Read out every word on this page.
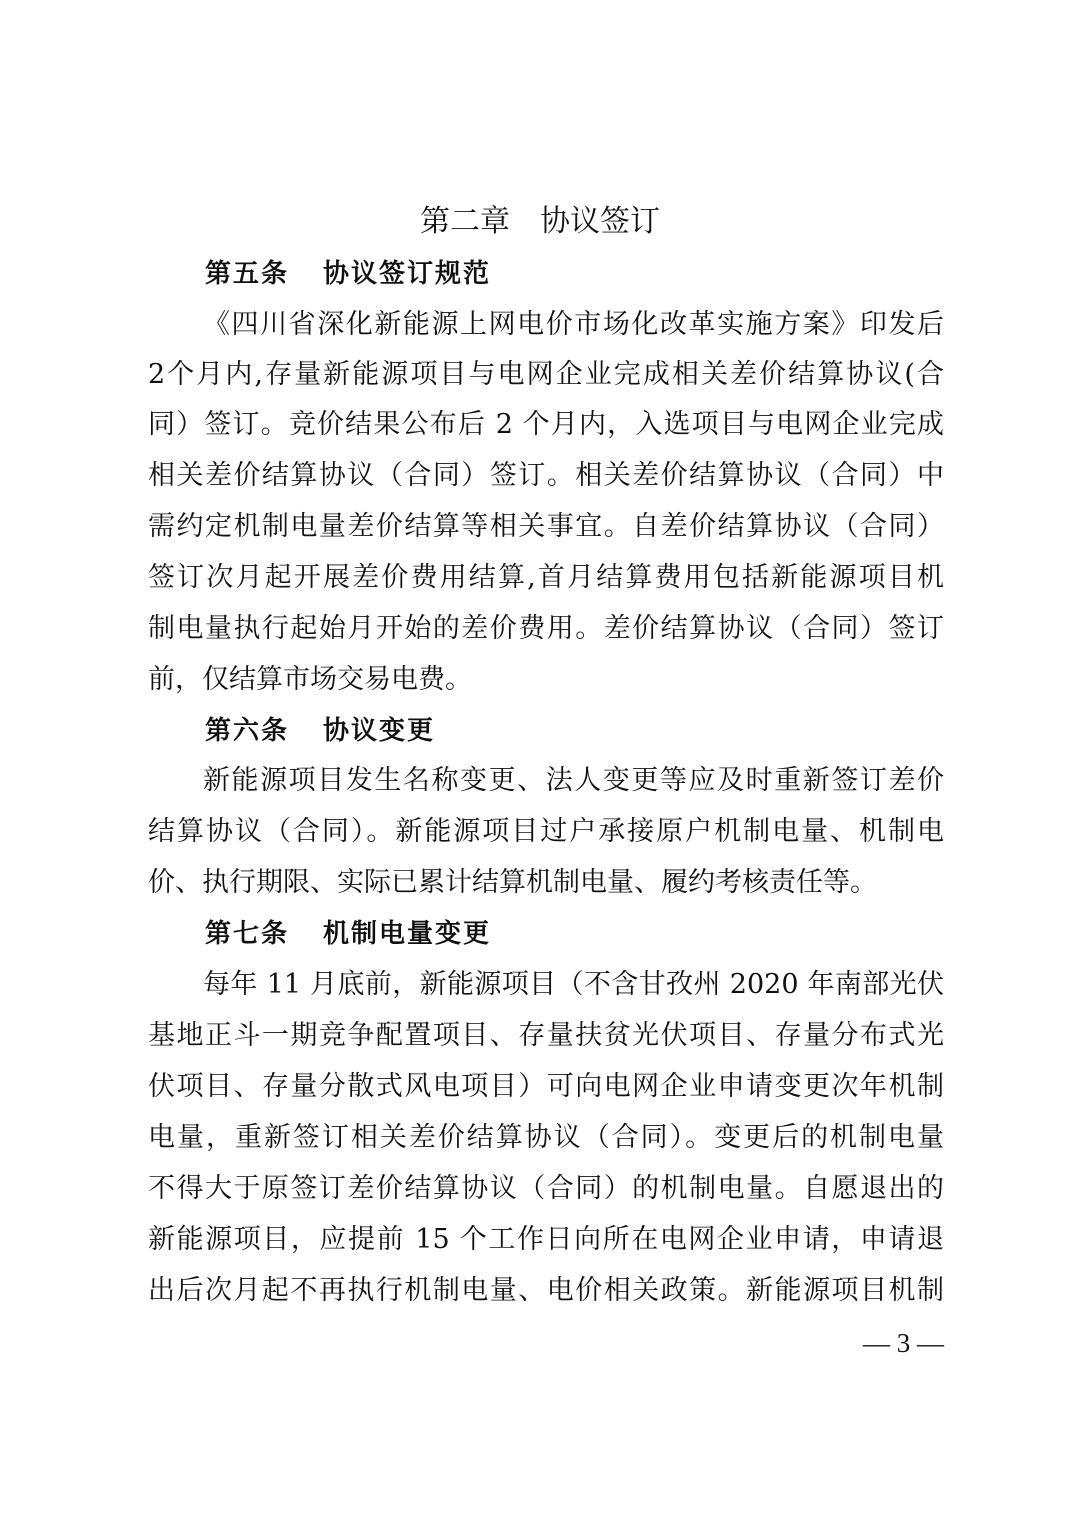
第二章 协议签订
第五条 协议签订规范
《四川省深化新能源上网电价市场化改革实施方案》印发后
2个月内,存量新能源项目与电网企业完成相关差价结算协议(合
同）签订。竞价结果公布后 2 个月内，入选项目与电网企业完成
相关差价结算协议（合同）签订。相关差价结算协议（合同）中
需约定机制电量差价结算等相关事宜。自差价结算协议（合同）
签订次月起开展差价费用结算,首月结算费用包括新能源项目机
制电量执行起始月开始的差价费用。差价结算协议（合同）签订
前，仅结算市场交易电费。
第六条 协议变更
新能源项目发生名称变更、法人变更等应及时重新签订差价
结算协议（合同）。新能源项目过户承接原户机制电量、机制电
价、执行期限、实际已累计结算机制电量、履约考核责任等。
第七条 机制电量变更
每年 11 月底前，新能源项目（不含甘孜州 2020 年南部光伏
基地正斗一期竞争配置项目、存量扶贫光伏项目、存量分布式光
伏项目、存量分散式风电项目）可向电网企业申请变更次年机制
电量，重新签订相关差价结算协议（合同）。变更后的机制电量
不得大于原签订差价结算协议（合同）的机制电量。自愿退出的
新能源项目，应提前 15 个工作日向所在电网企业申请，申请退
出后次月起不再执行机制电量、电价相关政策。新能源项目机制
— 3 —
